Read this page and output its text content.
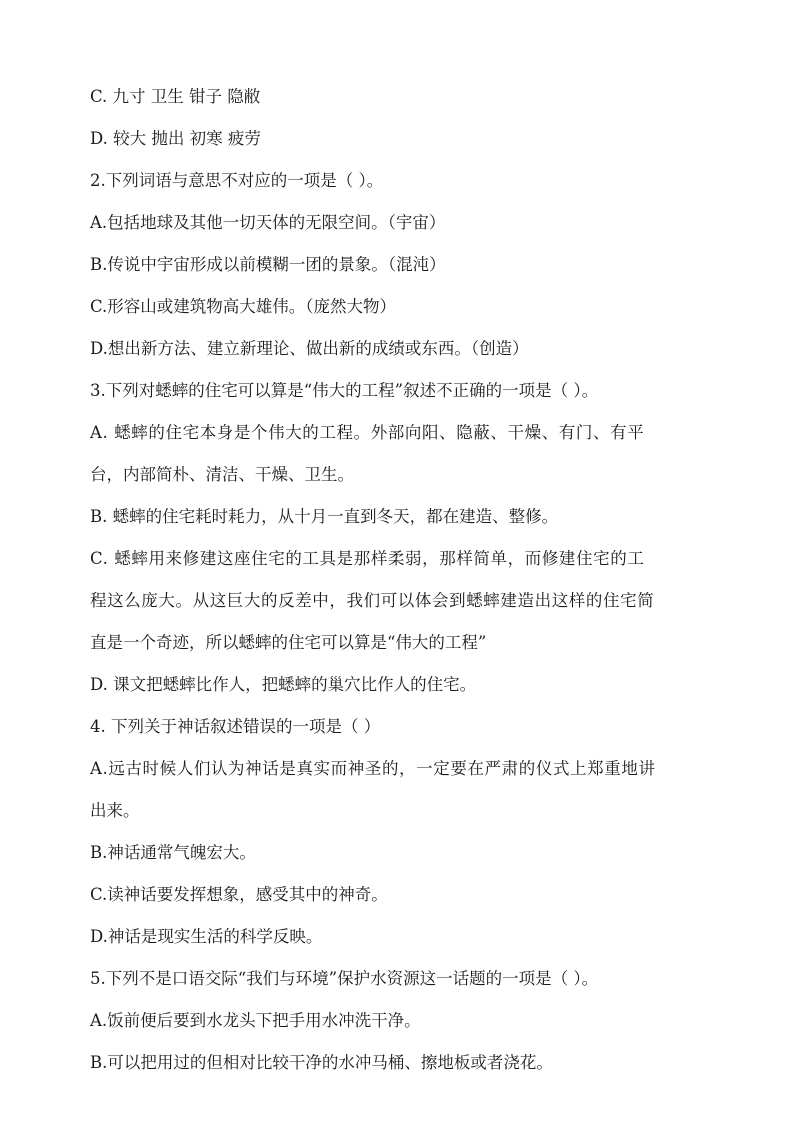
C. 九寸 卫生 钳子 隐敝
D. 较大 抛出 初寒 疲劳
2.下列词语与意思不对应的一项是（ ）。
A.包括地球及其他一切天体的无限空间。（宇宙）
B.传说中宇宙形成以前模糊一团的景象。（混沌）
C.形容山或建筑物高大雄伟。（庞然大物）
D.想出新方法、建立新理论、做出新的成绩或东西。（创造）
3.下列对蟋蟀的住宅可以算是“伟大的工程”叙述不正确的一项是（ ）。
A. 蟋蟀的住宅本身是个伟大的工程。外部向阳、隐蔽、干燥、有门、有平
台，内部简朴、清洁、干燥、卫生。
B. 蟋蟀的住宅耗时耗力，从十月一直到冬天，都在建造、整修。
C. 蟋蟀用来修建这座住宅的工具是那样柔弱，那样简单，而修建住宅的工
程这么庞大。从这巨大的反差中，我们可以体会到蟋蟀建造出这样的住宅简
直是一个奇迹，所以蟋蟀的住宅可以算是“伟大的工程”
D. 课文把蟋蟀比作人，把蟋蟀的巢穴比作人的住宅。
4. 下列关于神话叙述错误的一项是（ ）
A.远古时候人们认为神话是真实而神圣的，一定要在严肃的仪式上郑重地讲
出来。
B.神话通常气魄宏大。
C.读神话要发挥想象，感受其中的神奇。
D.神话是现实生活的科学反映。
5.下列不是口语交际“我们与环境”保护水资源这一话题的一项是（ ）。
A.饭前便后要到水龙头下把手用水冲洗干净。
B.可以把用过的但相对比较干净的水冲马桶、擦地板或者浇花。
